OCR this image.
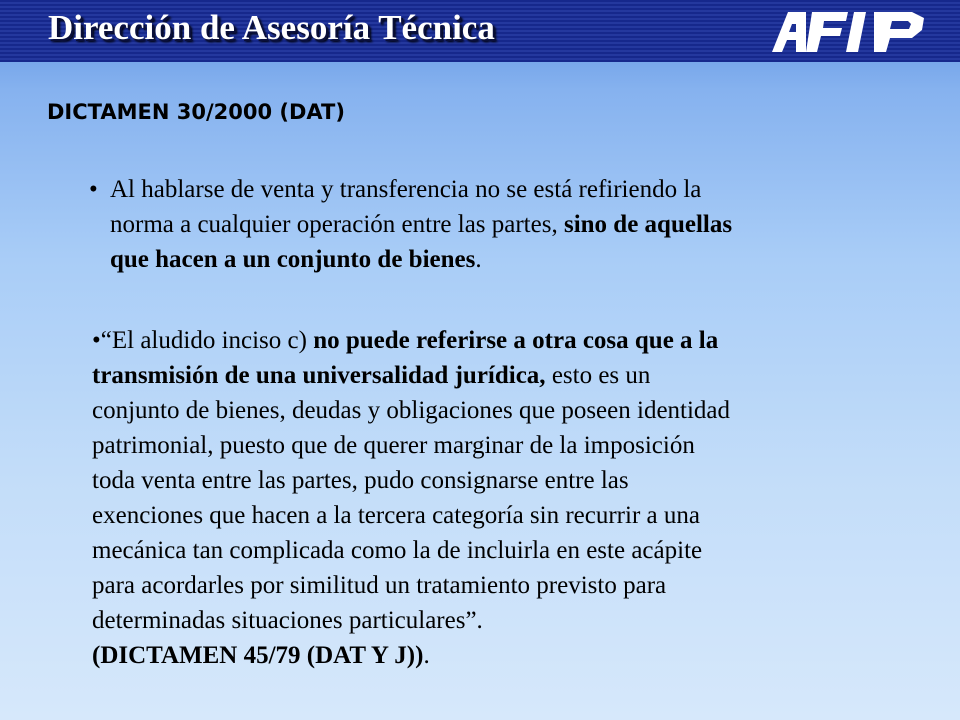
Dirección de Asesoría Técnica
DICTAMEN 30/2000 (DAT)
• Al hablarse de venta y transferencia no se está refiriendo la
norma a cualquier operación entre las partes, sino de aquellas
que hacen a un conjunto de bienes.
•“El aludido inciso c) no puede referirse a otra cosa que a la
transmisión de una universalidad jurídica, esto es un
conjunto de bienes, deudas y obligaciones que poseen identidad
patrimonial, puesto que de querer marginar de la imposición
toda venta entre las partes, pudo consignarse entre las
exenciones que hacen a la tercera categoría sin recurrir a una
mecánica tan complicada como la de incluirla en este acápite
para acordarles por similitud un tratamiento previsto para
determinadas situaciones particulares”.
(DICTAMEN 45/79 (DAT Y J)).
